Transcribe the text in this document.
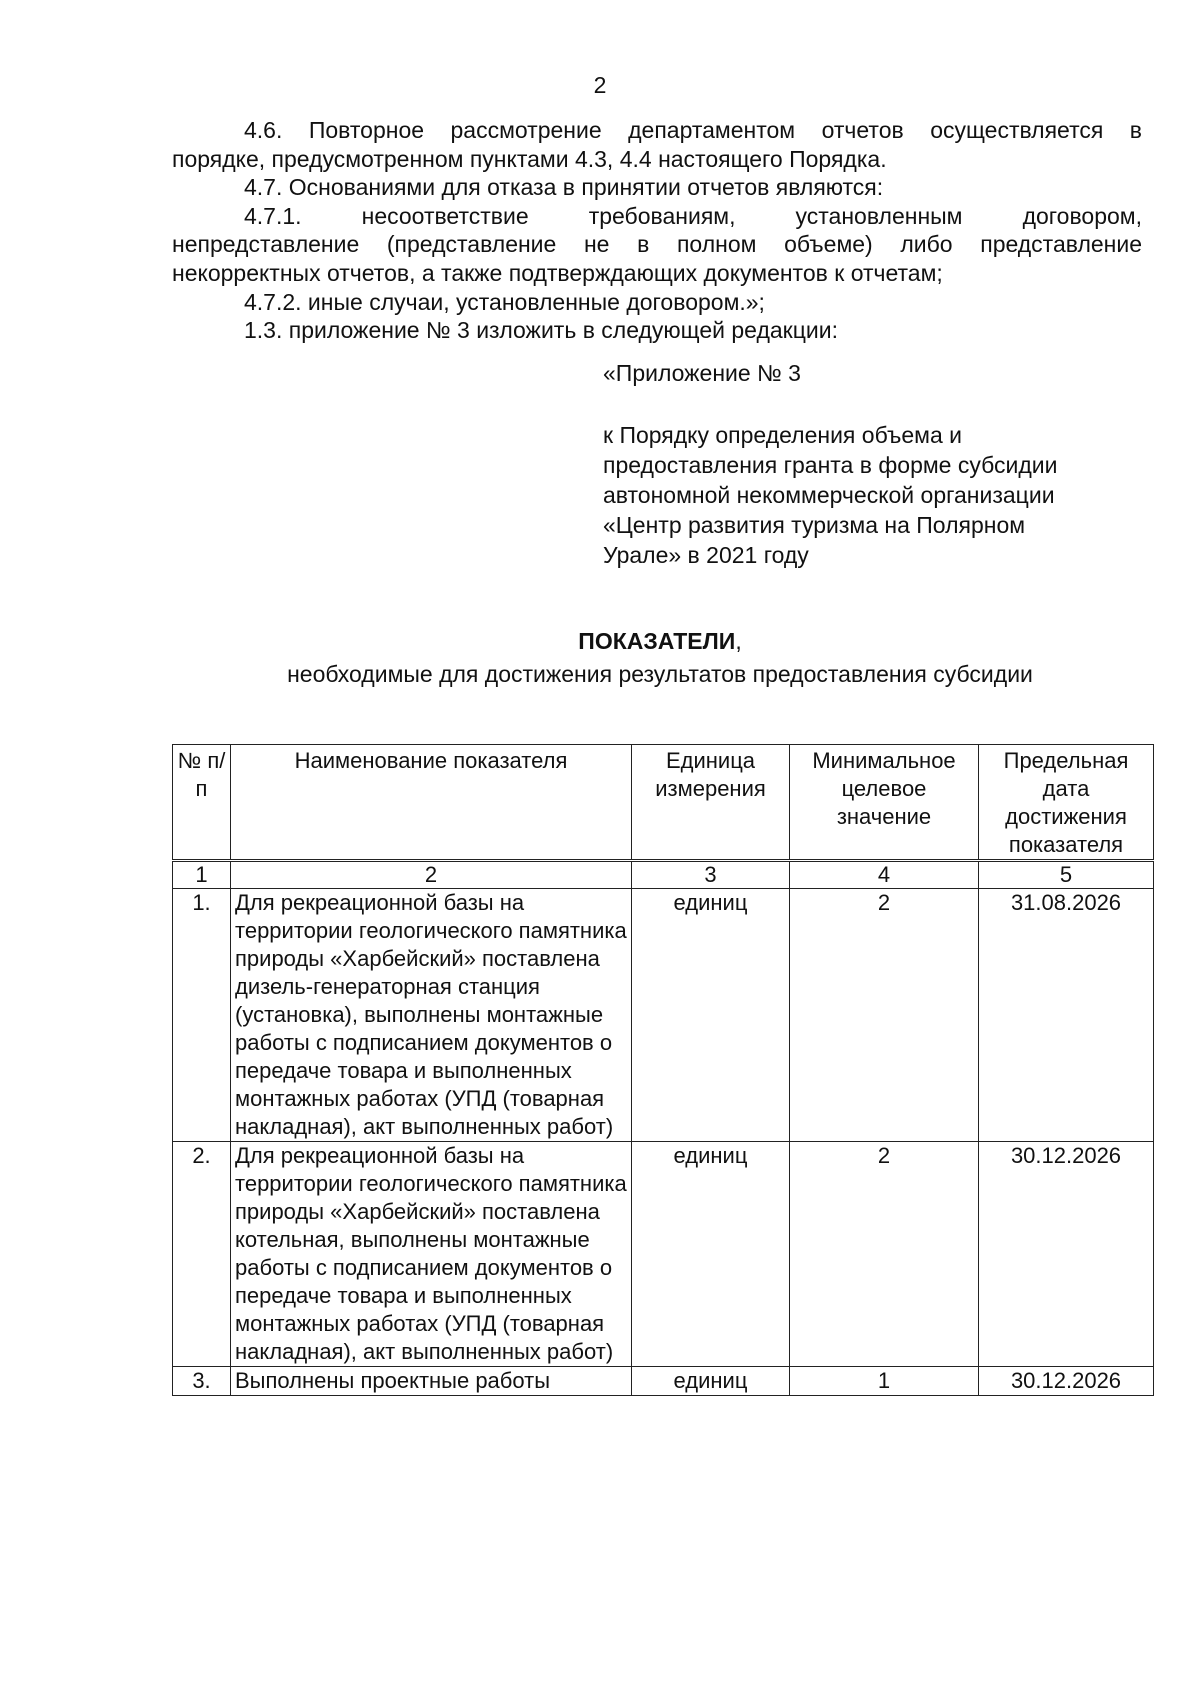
2

4.6. Повторное рассмотрение департаментом отчетов осуществляется в

порядке, предусмотренном пунктами 4.3, 4.4 настоящего Порядка.

4.7. Основаниями для отказа в принятии отчетов являются:

4.7.1. несоответствие требованиям, установленным договором,

непредставление (представление не в полном объеме) либо представление

некорректных отчетов, а также подтверждающих документов к отчетам;

4.7.2. иные случаи, установленные договором.»;

1.3. приложение № 3 изложить в следующей редакции:

«Приложение № 3

к Порядку определения объема и

предоставления гранта в форме субсидии

автономной некоммерческой организации

«Центр развития туризма на Полярном

Урале» в 2021 году

ПОКАЗАТЕЛИ,
необходимые для достижения результатов предоставления субсидии
№ п/п	Наименование показателя	Единица измерения	Минимальное целевое значение	Предельная дата достижения показателя
1	2	3	4	5
1.	Для рекреационной базы на территории геологического памятника природы «Харбейский» поставлена дизель-генераторная станция (установка), выполнены монтажные работы с подписанием документов о передаче товара и выполненных монтажных работах (УПД (товарная накладная), акт выполненных работ)	единиц	2	31.08.2026
2.	Для рекреационной базы на территории геологического памятника природы «Харбейский» поставлена котельная, выполнены монтажные работы с подписанием документов о передаче товара и выполненных монтажных работах (УПД (товарная накладная), акт выполненных работ)	единиц	2	30.12.2026
3.	Выполнены проектные работы	единиц	1	30.12.2026
